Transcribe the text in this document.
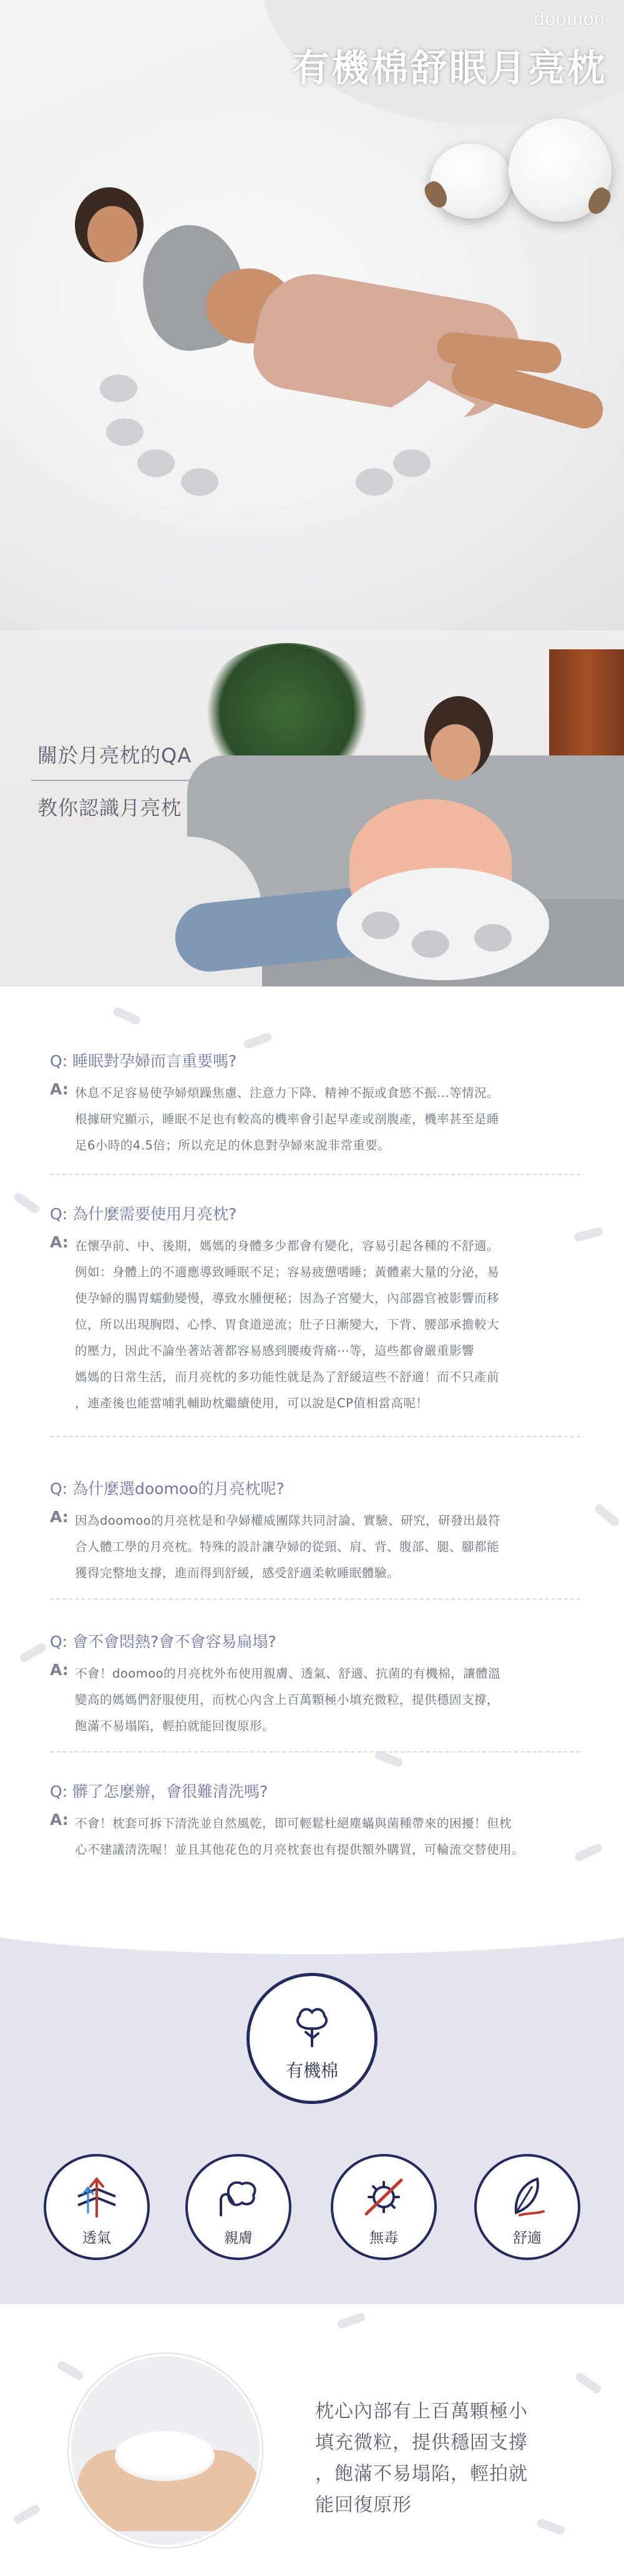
doomoo
有機棉舒眠月亮枕
關於月亮枕的QA
教你認識月亮枕
Q: 睡眠對孕婦而言重要嗎?
A: 休息不足容易使孕婦煩躁焦慮、注意力下降、精神不振或食慾不振...等情況。

根據研究顯示，睡眠不足也有較高的機率會引起早產或剖腹產，機率甚至是睡

足6小時的4.5倍；所以充足的休息對孕婦來說非常重要。

Q: 為什麼需要使用月亮枕?
A: 在懷孕前、中、後期，媽媽的身體多少都會有變化，容易引起各種的不舒適。

例如：身體上的不適應導致睡眠不足；容易疲憊嗜睡；黃體素大量的分泌，易

使孕婦的腸胃蠕動變慢，導致水腫便秘；因為子宮變大，內部器官被影響而移

位，所以出現胸悶、心悸、胃食道逆流；肚子日漸變大，下背、腰部承擔較大

的壓力，因此不論坐著站著都容易感到腰痠背痛⋯等，這些都會嚴重影響

媽媽的日常生活，而月亮枕的多功能性就是為了舒緩這些不舒適！而不只產前

，連產後也能當哺乳輔助枕繼續使用，可以說是CP值相當高呢！

Q: 為什麼選doomoo的月亮枕呢?
A: 因為doomoo的月亮枕是和孕婦權威團隊共同討論、實驗、研究，研發出最符

合人體工學的月亮枕。特殊的設計讓孕婦的從頸、肩、背、腹部、腿、腳都能

獲得完整地支撐，進而得到舒緩，感受舒適柔軟睡眠體驗。

Q: 會不會悶熱?會不會容易扁塌?
A: 不會！doomoo的月亮枕外布使用親膚、透氣、舒適、抗菌的有機棉，讓體溫

變高的媽媽們舒服使用，而枕心內含上百萬顆極小填充微粒，提供穩固支撐，

飽滿不易塌陷，輕拍就能回復原形。

Q: 髒了怎麼辦，會很難清洗嗎?
A: 不會！枕套可拆下清洗並自然風乾，即可輕鬆杜絕塵蟎與菌種帶來的困擾！但枕

心不建議清洗喔！並且其他花色的月亮枕套也有提供額外購買，可輪流交替使用。

有機棉
透氣	親膚	無毒	舒適

枕心內部有上百萬顆極小

填充微粒，提供穩固支撐

，飽滿不易塌陷，輕拍就

能回復原形
